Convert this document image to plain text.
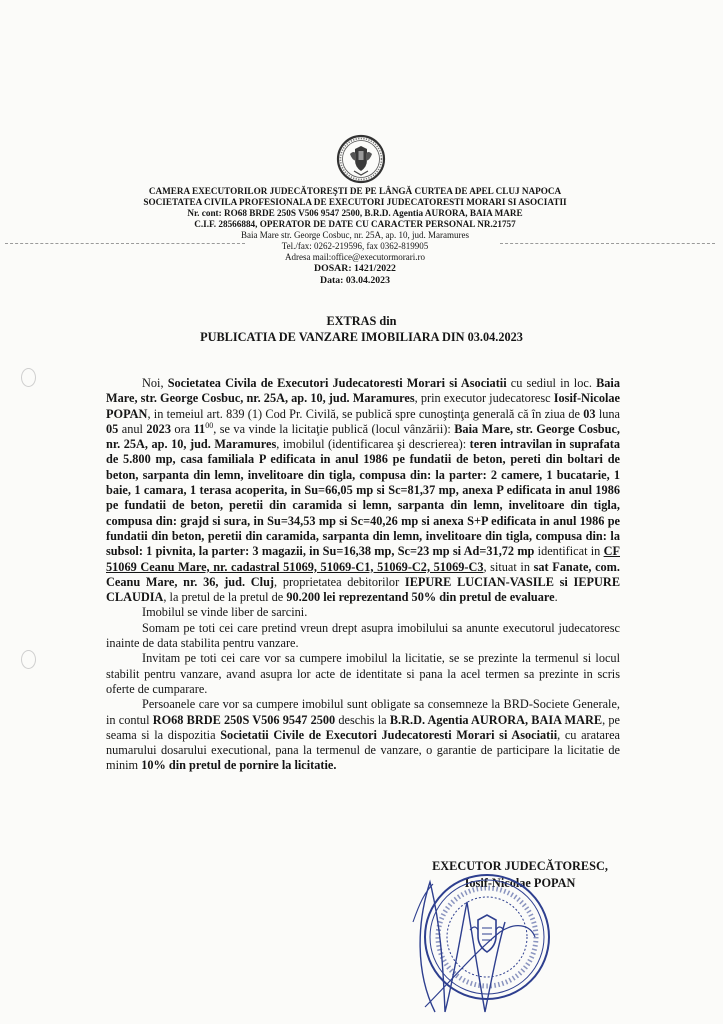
CAMERA EXECUTORILOR JUDECĂTOREŞTI DE PE LÂNGĂ CURTEA DE APEL CLUJ NAPOCA
SOCIETATEA CIVILA PROFESIONALA DE EXECUTORI JUDECATORESTI MORARI SI ASOCIATII
Nr. cont: RO68 BRDE 250S V506 9547 2500, B.R.D. Agentia AURORA, BAIA MARE
C.I.F. 28566884, OPERATOR DE DATE CU CARACTER PERSONAL NR.21757
Baia Mare str. George Cosbuc, nr. 25A, ap. 10, jud. Maramures
Tel./fax: 0262-219596, fax 0362-819905
Adresa mail:office@executormorari.ro
DOSAR: 1421/2022
Data: 03.04.2023
EXTRAS din
PUBLICATIA DE VANZARE IMOBILIARA DIN 03.04.2023

Noi, Societatea Civila de Executori Judecatoresti Morari si Asociatii cu sediul in loc. Baia Mare, str. George Cosbuc, nr. 25A, ap. 10, jud. Maramures, prin executor judecatoresc Iosif-Nicolae POPAN, in temeiul art. 839 (1) Cod Pr. Civilă, se publică spre cunoştinţa generală că în ziua de 03 luna 05 anul 2023 ora $11^{00}$, se va vinde la licitaţie publică (locul vânzării): Baia Mare, str. George Cosbuc, nr. 25A, ap. 10, jud. Maramures, imobilul (identificarea şi descrierea): teren intravilan in suprafata de 5.800 mp, casa familiala P edificata in anul 1986 pe fundatii de beton, pereti din boltari de beton, sarpanta din lemn, invelitoare din tigla, compusa din: la parter: 2 camere, 1 bucatarie, 1 baie, 1 camara, 1 terasa acoperita, in Su=66,05 mp si Sc=81,37 mp, anexa P edificata in anul 1986 pe fundatii de beton, peretii din caramida si lemn, sarpanta din lemn, invelitoare din tigla, compusa din: grajd si sura, in Su=34,53 mp si Sc=40,26 mp si anexa S+P edificata in anul 1986 pe fundatii din beton, peretii din caramida, sarpanta din lemn, invelitoare din tigla, compusa din: la subsol: 1 pivnita, la parter: 3 magazii, in Su=16,38 mp, Sc=23 mp si Ad=31,72 mp identificat in CF 51069 Ceanu Mare, nr. cadastral 51069, 51069-C1, 51069-C2, 51069-C3, situat in sat Fanate, com. Ceanu Mare, nr. 36, jud. Cluj, proprietatea debitorilor IEPURE LUCIAN-VASILE si IEPURE CLAUDIA, la pretul de la pretul de 90.200 lei reprezentand 50% din pretul de evaluare.

Imobilul se vinde liber de sarcini.

Somam pe toti cei care pretind vreun drept asupra imobilului sa anunte executorul judecatoresc inainte de data stabilita pentru vanzare.

Invitam pe toti cei care vor sa cumpere imobilul la licitatie, se se prezinte la termenul si locul stabilit pentru vanzare, avand asupra lor acte de identitate si pana la acel termen sa prezinte in scris oferte de cumparare.

Persoanele care vor sa cumpere imobilul sunt obligate sa consemneze la BRD-Societe Generale, in contul RO68 BRDE 250S V506 9547 2500 deschis la B.R.D. Agentia AURORA, BAIA MARE, pe seama si la dispozitia Societatii Civile de Executori Judecatoresti Morari si Asociatii, cu aratarea numarului dosarului executional, pana la termenul de vanzare, o garantie de participare la licitatie de minim 10% din pretul de pornire la licitatie.

EXECUTOR JUDECĂTORESC,
Iosif-Nicolae POPAN
